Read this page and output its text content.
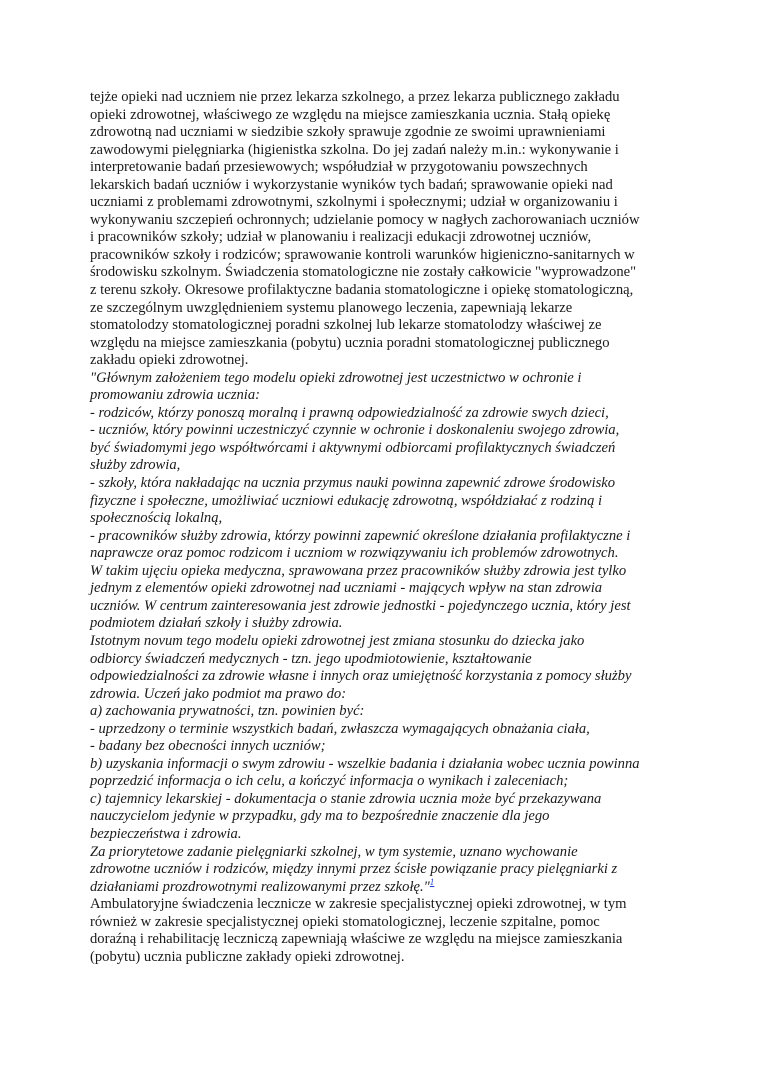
tejże opieki nad uczniem nie przez lekarza szkolnego, a przez lekarza publicznego zakładu
opieki zdrowotnej, właściwego ze względu na miejsce zamieszkania ucznia. Stałą opiekę
zdrowotną nad uczniami w siedzibie szkoły sprawuje zgodnie ze swoimi uprawnieniami
zawodowymi pielęgniarka (higienistka szkolna. Do jej zadań należy m.in.: wykonywanie i
interpretowanie badań przesiewowych; współudział w przygotowaniu powszechnych
lekarskich badań uczniów i wykorzystanie wyników tych badań; sprawowanie opieki nad
uczniami z problemami zdrowotnymi, szkolnymi i społecznymi; udział w organizowaniu i
wykonywaniu szczepień ochronnych; udzielanie pomocy w nagłych zachorowaniach uczniów
i pracowników szkoły; udział w planowaniu i realizacji edukacji zdrowotnej uczniów,
pracowników szkoły i rodziców; sprawowanie kontroli warunków higieniczno-sanitarnych w
środowisku szkolnym. Świadczenia stomatologiczne nie zostały całkowicie "wyprowadzone"
z terenu szkoły. Okresowe profilaktyczne badania stomatologiczne i opiekę stomatologiczną,
ze szczególnym uwzględnieniem systemu planowego leczenia, zapewniają lekarze
stomatolodzy stomatologicznej poradni szkolnej lub lekarze stomatolodzy właściwej ze
względu na miejsce zamieszkania (pobytu) ucznia poradni stomatologicznej publicznego
zakładu opieki zdrowotnej.

"Głównym założeniem tego modelu opieki zdrowotnej jest uczestnictwo w ochronie i
promowaniu zdrowia ucznia:
- rodziców, którzy ponoszą moralną i prawną odpowiedzialność za zdrowie swych dzieci,
- uczniów, który powinni uczestniczyć czynnie w ochronie i doskonaleniu swojego zdrowia,
być świadomymi jego współtwórcami i aktywnymi odbiorcami profilaktycznych świadczeń
służby zdrowia,
- szkoły, która nakładając na ucznia przymus nauki powinna zapewnić zdrowe środowisko
fizyczne i społeczne, umożliwiać uczniowi edukację zdrowotną, współdziałać z rodziną i
społecznością lokalną,
- pracowników służby zdrowia, którzy powinni zapewnić określone działania profilaktyczne i
naprawcze oraz pomoc rodzicom i uczniom w rozwiązywaniu ich problemów zdrowotnych.
W takim ujęciu opieka medyczna, sprawowana przez pracowników służby zdrowia jest tylko
jednym z elementów opieki zdrowotnej nad uczniami - mających wpływ na stan zdrowia
uczniów. W centrum zainteresowania jest zdrowie jednostki - pojedynczego ucznia, który jest
podmiotem działań szkoły i służby zdrowia.
Istotnym novum tego modelu opieki zdrowotnej jest zmiana stosunku do dziecka jako
odbiorcy świadczeń medycznych - tzn. jego upodmiotowienie, kształtowanie
odpowiedzialności za zdrowie własne i innych oraz umiejętność korzystania z pomocy służby
zdrowia. Uczeń jako podmiot ma prawo do:
a) zachowania prywatności, tzn. powinien być:
- uprzedzony o terminie wszystkich badań, zwłaszcza wymagających obnażania ciała,
- badany bez obecności innych uczniów;
b) uzyskania informacji o swym zdrowiu - wszelkie badania i działania wobec ucznia powinna
poprzedzić informacja o ich celu, a kończyć informacja o wynikach i zaleceniach;
c) tajemnicy lekarskiej - dokumentacja o stanie zdrowia ucznia może być przekazywana
nauczycielom jedynie w przypadku, gdy ma to bezpośrednie znaczenie dla jego
bezpieczeństwa i zdrowia.
Za priorytetowe zadanie pielęgniarki szkolnej, w tym systemie, uznano wychowanie
zdrowotne uczniów i rodziców, między innymi przez ścisłe powiązanie pracy pielęgniarki z
działaniami prozdrowotnymi realizowanymi przez szkołę."$^1$

Ambulatoryjne świadczenia lecznicze w zakresie specjalistycznej opieki zdrowotnej, w tym
również w zakresie specjalistycznej opieki stomatologicznej, leczenie szpitalne, pomoc
doraźną i rehabilitację leczniczą zapewniają właściwe ze względu na miejsce zamieszkania
(pobytu) ucznia publiczne zakłady opieki zdrowotnej.
